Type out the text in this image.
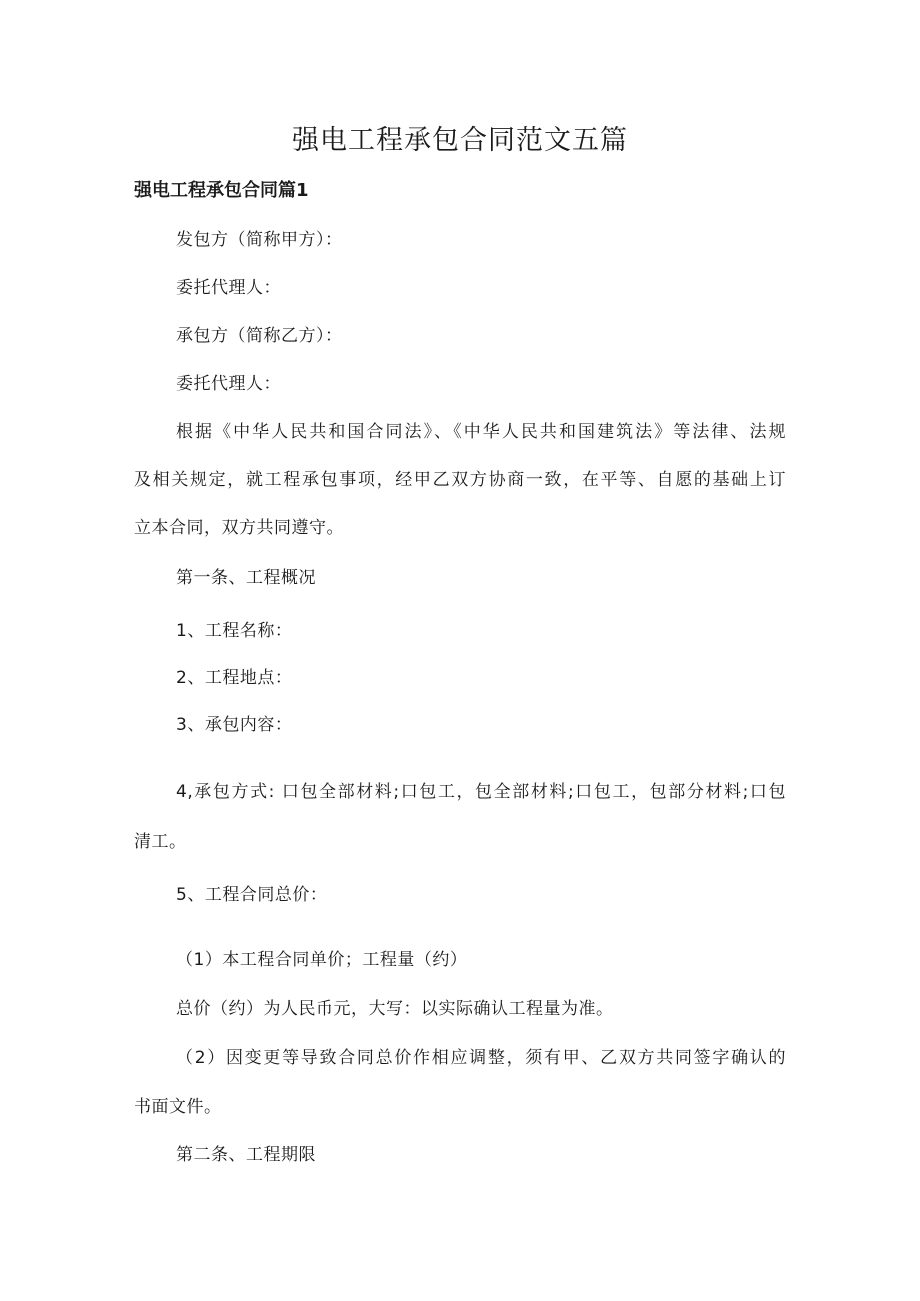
强电工程承包合同范文五篇
强电工程承包合同篇1
发包方（简称甲方）：
委托代理人：
承包方（简称乙方）：
委托代理人：
根据《中华人民共和国合同法》、《中华人民共和国建筑法》等法律、法规
及相关规定，就工程承包事项，经甲乙双方协商一致，在平等、自愿的基础上订
立本合同，双方共同遵守。
第一条、工程概况
1、工程名称：
2、工程地点：
3、承包内容：
4,承包方式: 口包全部材料;口包工，包全部材料;口包工，包部分材料;口包
清工。
5、工程合同总价：
（1）本工程合同单价；工程量（约）
总价（约）为人民币元，大写：以实际确认工程量为准。
（2）因变更等导致合同总价作相应调整，须有甲、乙双方共同签字确认的
书面文件。
第二条、工程期限
